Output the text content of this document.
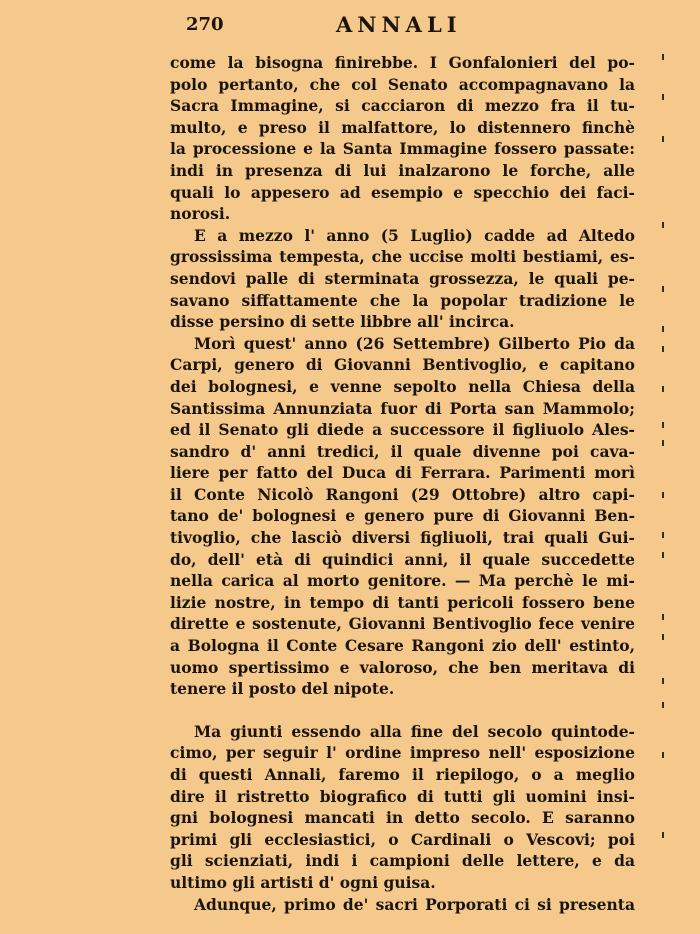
270	ANNALI
come la bisogna finirebbe. I Gonfalonieri del po-
polo pertanto, che col Senato accompagnavano la
Sacra Immagine, si cacciaron di mezzo fra il tu-
multo, e preso il malfattore, lo distennero finchè
la processione e la Santa Immagine fossero passate:
indi in presenza di lui inalzarono le forche, alle
quali lo appesero ad esempio e specchio dei faci-
norosi.
E a mezzo l' anno (5 Luglio) cadde ad Altedo
grossissima tempesta, che uccise molti bestiami, es-
sendovi palle di sterminata grossezza, le quali pe-
savano siffattamente che la popolar tradizione le
disse persino di sette libbre all' incirca.
Morì quest' anno (26 Settembre) Gilberto Pio da
Carpi, genero di Giovanni Bentivoglio, e capitano
dei bolognesi, e venne sepolto nella Chiesa della
Santissima Annunziata fuor di Porta san Mammolo;
ed il Senato gli diede a successore il figliuolo Ales-
sandro d' anni tredici, il quale divenne poi cava-
liere per fatto del Duca di Ferrara. Parimenti morì
il Conte Nicolò Rangoni (29 Ottobre) altro capi-
tano de' bolognesi e genero pure di Giovanni Ben-
tivoglio, che lasciò diversi figliuoli, trai quali Gui-
do, dell' età di quindici anni, il quale succedette
nella carica al morto genitore. — Ma perchè le mi-
lizie nostre, in tempo di tanti pericoli fossero bene
dirette e sostenute, Giovanni Bentivoglio fece venire
a Bologna il Conte Cesare Rangoni zio dell' estinto,
uomo spertissimo e valoroso, che ben meritava di
tenere il posto del nipote.
Ma giunti essendo alla fine del secolo quintode-
cimo, per seguir l' ordine impreso nell' esposizione
di questi Annali, faremo il riepilogo, o a meglio
dire il ristretto biografico di tutti gli uomini insi-
gni bolognesi mancati in detto secolo. E saranno
primi gli ecclesiastici, o Cardinali o Vescovi; poi
gli scienziati, indi i campioni delle lettere, e da
ultimo gli artisti d' ogni guisa.
Adunque, primo de' sacri Porporati ci si presenta
